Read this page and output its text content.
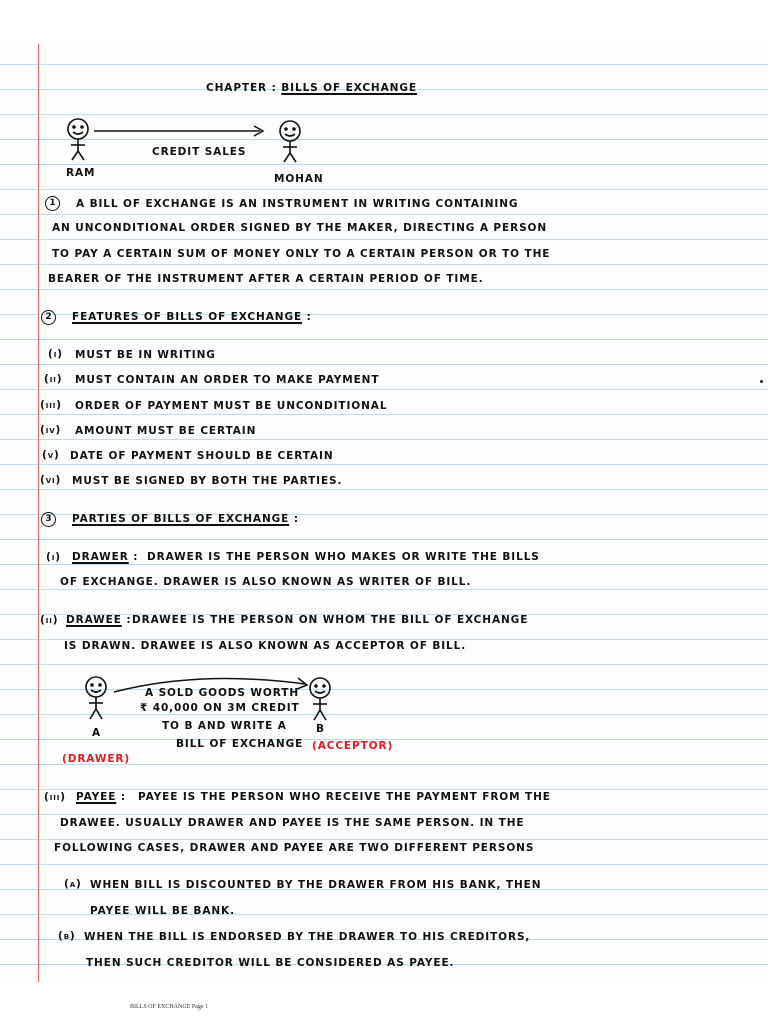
CHAPTER : BILLS OF EXCHANGE
CREDIT SALES
RAM	MOHAN
1	A BILL OF EXCHANGE IS AN INSTRUMENT IN WRITING CONTAINING
AN UNCONDITIONAL ORDER SIGNED BY THE MAKER, DIRECTING A PERSON
TO PAY A CERTAIN SUM OF MONEY ONLY TO A CERTAIN PERSON OR TO THE
BEARER OF THE INSTRUMENT AFTER A CERTAIN PERIOD OF TIME.
2	FEATURES OF BILLS OF EXCHANGE :
(i) MUST BE IN WRITING
(ii) MUST CONTAIN AN ORDER TO MAKE PAYMENT
(iii) ORDER OF PAYMENT MUST BE UNCONDITIONAL
(iv) AMOUNT MUST BE CERTAIN
(v) DATE OF PAYMENT SHOULD BE CERTAIN
(vi) MUST BE SIGNED BY BOTH THE PARTIES.
3	PARTIES OF BILLS OF EXCHANGE :
(i) DRAWER : DRAWER IS THE PERSON WHO MAKES OR WRITE THE BILLS
OF EXCHANGE. DRAWER IS ALSO KNOWN AS WRITER OF BILL.
(ii) DRAWEE : DRAWEE IS THE PERSON ON WHOM THE BILL OF EXCHANGE
IS DRAWN. DRAWEE IS ALSO KNOWN AS ACCEPTOR OF BILL.
A SOLD GOODS WORTH
₹ 40,000 ON 3M CREDIT
TO B AND WRITE A
BILL OF EXCHANGE
A	B
(DRAWER)
(ACCEPTOR)
(iii) PAYEE : PAYEE IS THE PERSON WHO RECEIVE THE PAYMENT FROM THE
DRAWEE. USUALLY DRAWER AND PAYEE IS THE SAME PERSON. IN THE
FOLLOWING CASES, DRAWER AND PAYEE ARE TWO DIFFERENT PERSONS
(a) WHEN BILL IS DISCOUNTED BY THE DRAWER FROM HIS BANK, THEN
PAYEE WILL BE BANK.
(b) WHEN THE BILL IS ENDORSED BY THE DRAWER TO HIS CREDITORS,
THEN SUCH CREDITOR WILL BE CONSIDERED AS PAYEE.
BILLS OF EXCHANGE Page 1
